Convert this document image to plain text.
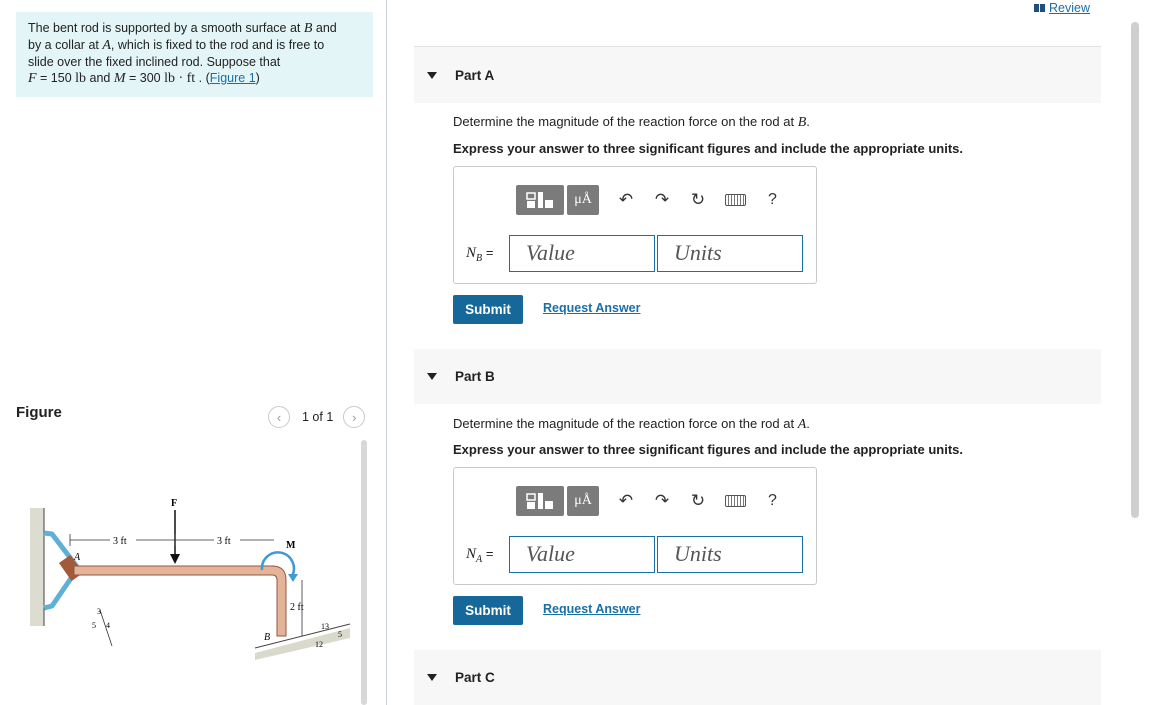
The bent rod is supported by a smooth surface at B and
by a collar at A, which is fixed to the rod and is free to
slide over the fixed inclined rod. Suppose that
F = 150 lb and M = 300 lb · ft . (Figure 1)
Figure	‹	1 of 1	›
F
3 ft	3 ft	M
2 ft
A
B
3
5 4	13
5
12
Review
Part A
Determine the magnitude of the reaction force on the rod at B.
Express your answer to three significant figures and include the appropriate units.
μÅ	↶ ↷ ↻	?
$N_B$ =	Value	Units
Submit	Request Answer
Part B
Determine the magnitude of the reaction force on the rod at A.
Express your answer to three significant figures and include the appropriate units.
μÅ	↶ ↷ ↻	?
$N_A$ =	Value	Units
Submit	Request Answer
Part C
